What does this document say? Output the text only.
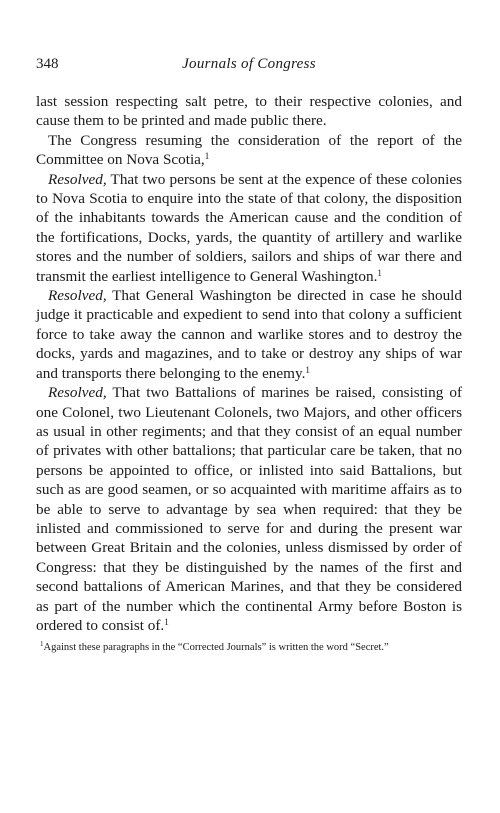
348	Journals of Congress

last session respecting salt petre, to their respective colonies, and cause them to be printed and made public there.

The Congress resuming the consideration of the report of the Committee on Nova Scotia,$^1$

Resolved, That two persons be sent at the expence of these colonies to Nova Scotia to enquire into the state of that colony, the disposition of the inhabitants towards the American cause and the condition of the fortifications, Docks, yards, the quantity of artillery and warlike stores and the number of soldiers, sailors and ships of war there and transmit the earliest intelligence to General Washington.$^1$

Resolved, That General Washington be directed in case he should judge it practicable and expedient to send into that colony a sufficient force to take away the cannon and warlike stores and to destroy the docks, yards and magazines, and to take or destroy any ships of war and transports there belonging to the enemy.$^1$

Resolved, That two Battalions of marines be raised, consisting of one Colonel, two Lieutenant Colonels, two Majors, and other officers as usual in other regiments; and that they consist of an equal number of privates with other battalions; that particular care be taken, that no persons be appointed to office, or inlisted into said Battalions, but such as are good seamen, or so acquainted with maritime affairs as to be able to serve to advantage by sea when required: that they be inlisted and commissioned to serve for and during the present war between Great Britain and the colonies, unless dismissed by order of Congress: that they be distinguished by the names of the first and second battalions of American Marines, and that they be considered as part of the number which the continental Army before Boston is ordered to consist of.$^1$

$^1$Against these paragraphs in the “Corrected Journals” is written the word “Secret.”
